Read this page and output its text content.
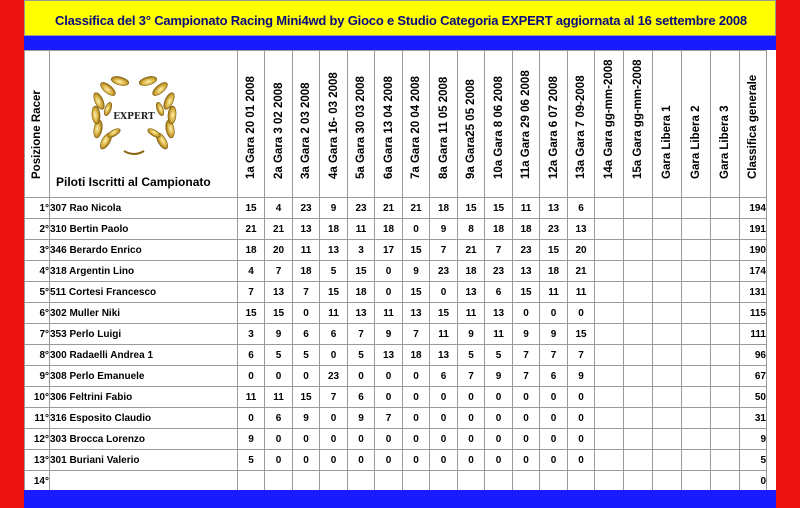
Classifica del 3° Campionato Racing Mini4wd by Gioco e Studio Categoria EXPERT aggiornata al 16 settembre 2008
Posizione Racer	EXPERT
Piloti Iscritti al Campionato	1a Gara 20 01 2008	2a Gara 3 02 2008	3a Gara 2 03 2008	4a Gara 16- 03 2008	5a Gara 30 03 2008	6a Gara 13 04 2008	7a Gara 20 04 2008	8a Gara 11 05 2008	9a Gara25 05 2008	10a Gara 8 06 2008	11a Gara 29 06 2008	12a Gara 6 07 2008	13a Gara 7 09-2008	14a Gara gg-mm-2008	15a Gara gg-mm-2008	Gara Libera 1	Gara Libera 2	Gara Libera 3	Classifica generale

1°	307 Rao Nicola	15	4	23	9	23	21	21	18	15	15	11	13	6						194
2°	310 Bertin Paolo	21	21	13	18	11	18	0	9	8	18	18	23	13						191
3°	346 Berardo Enrico	18	20	11	13	3	17	15	7	21	7	23	15	20						190
4°	318 Argentin Lino	4	7	18	5	15	0	9	23	18	23	13	18	21						174
5°	511 Cortesi Francesco	7	13	7	15	18	0	15	0	13	6	15	11	11						131
6°	302 Muller Niki	15	15	0	11	13	11	13	15	11	13	0	0	0						115
7°	353 Perlo Luigi	3	9	6	6	7	9	7	11	9	11	9	9	15						111
8°	300 Radaelli Andrea 1	6	5	5	0	5	13	18	13	5	5	7	7	7						96
9°	308 Perlo Emanuele	0	0	0	23	0	0	0	6	7	9	7	6	9						67
10°	306 Feltrini Fabio	11	11	15	7	6	0	0	0	0	0	0	0	0						50
11°	316 Esposito Claudio	0	6	9	0	9	7	0	0	0	0	0	0	0						31
12°	303 Brocca Lorenzo	9	0	0	0	0	0	0	0	0	0	0	0	0						9
13°	301 Buriani Valerio	5	0	0	0	0	0	0	0	0	0	0	0	0						5
14°																				0
